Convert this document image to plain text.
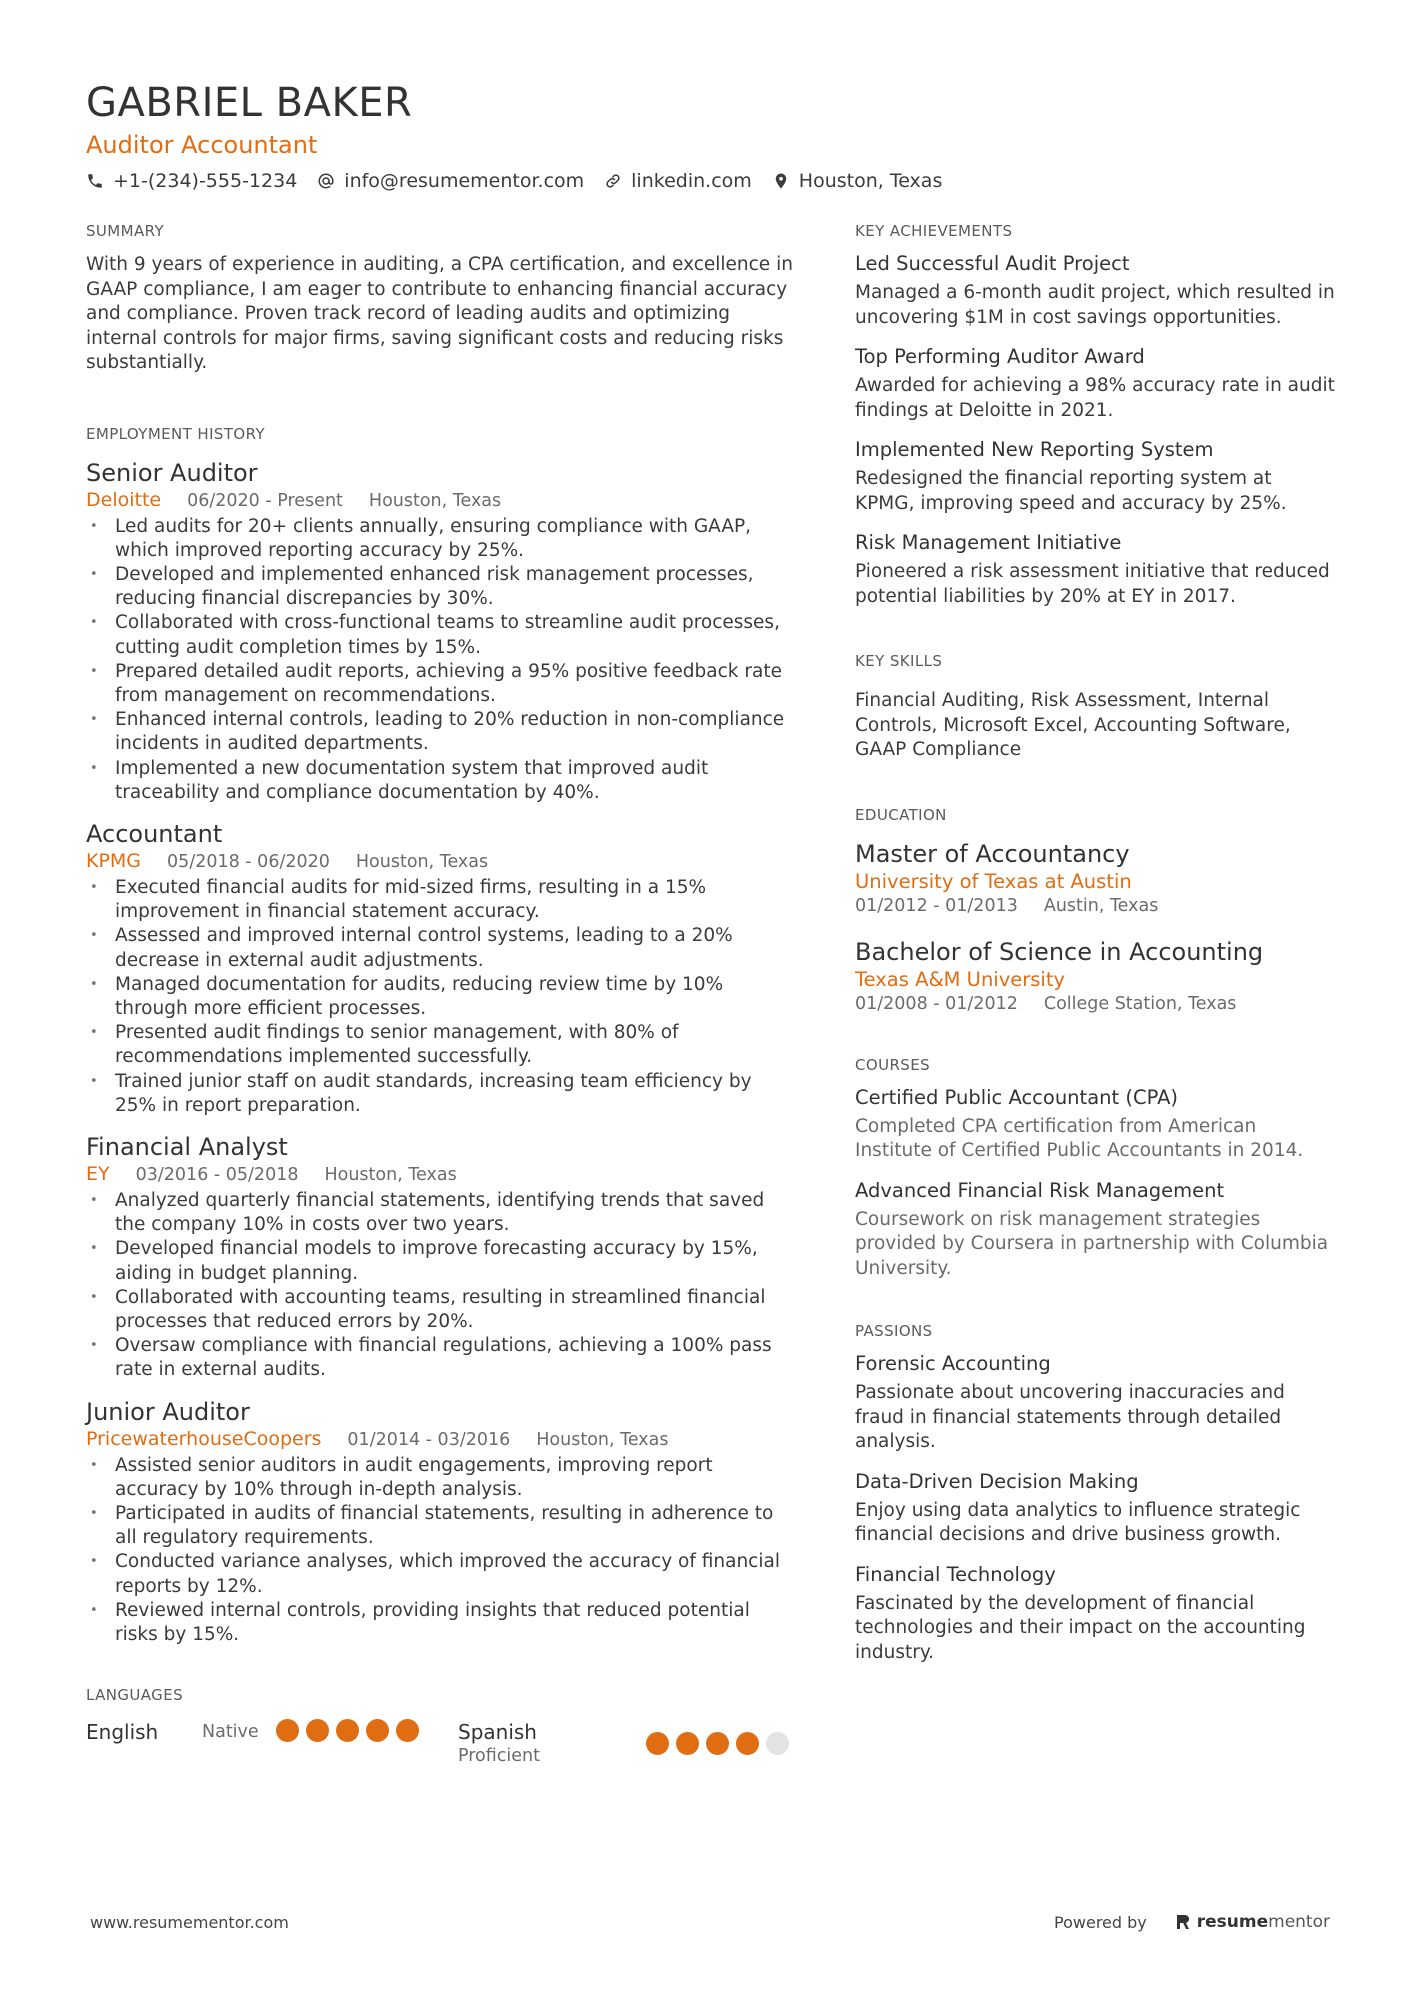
GABRIEL BAKER
Auditor Accountant
+1-(234)-555-1234 info@resumementor.com linkedin.com Houston, Texas
SUMMARY
With 9 years of experience in auditing, a CPA certification, and excellence in GAAP compliance, I am eager to contribute to enhancing financial accuracy and compliance. Proven track record of leading audits and optimizing internal controls for major firms, saving significant costs and reducing risks substantially.
EMPLOYMENT HISTORY
Senior Auditor
Deloitte 06/2020 - Present Houston, Texas
• Led audits for 20+ clients annually, ensuring compliance with GAAP, which improved reporting accuracy by 25%.
• Developed and implemented enhanced risk management processes, reducing financial discrepancies by 30%.
• Collaborated with cross-functional teams to streamline audit processes, cutting audit completion times by 15%.
• Prepared detailed audit reports, achieving a 95% positive feedback rate from management on recommendations.
• Enhanced internal controls, leading to 20% reduction in non-compliance incidents in audited departments.
• Implemented a new documentation system that improved audit traceability and compliance documentation by 40%.
Accountant
KPMG 05/2018 - 06/2020 Houston, Texas
• Executed financial audits for mid-sized firms, resulting in a 15% improvement in financial statement accuracy.
• Assessed and improved internal control systems, leading to a 20% decrease in external audit adjustments.
• Managed documentation for audits, reducing review time by 10% through more efficient processes.
• Presented audit findings to senior management, with 80% of recommendations implemented successfully.
• Trained junior staff on audit standards, increasing team efficiency by 25% in report preparation.
Financial Analyst
EY 03/2016 - 05/2018 Houston, Texas
• Analyzed quarterly financial statements, identifying trends that saved the company 10% in costs over two years.
• Developed financial models to improve forecasting accuracy by 15%, aiding in budget planning.
• Collaborated with accounting teams, resulting in streamlined financial processes that reduced errors by 20%.
• Oversaw compliance with financial regulations, achieving a 100% pass rate in external audits.
Junior Auditor
PricewaterhouseCoopers 01/2014 - 03/2016 Houston, Texas
• Assisted senior auditors in audit engagements, improving report accuracy by 10% through in-depth analysis.
• Participated in audits of financial statements, resulting in adherence to all regulatory requirements.
• Conducted variance analyses, which improved the accuracy of financial reports by 12%.
• Reviewed internal controls, providing insights that reduced potential risks by 15%.
LANGUAGES
English	Native	Spanish
Proficient
KEY ACHIEVEMENTS
Led Successful Audit Project
Managed a 6-month audit project, which resulted in uncovering $1M in cost savings opportunities.
Top Performing Auditor Award
Awarded for achieving a 98% accuracy rate in audit findings at Deloitte in 2021.
Implemented New Reporting System
Redesigned the financial reporting system at KPMG, improving speed and accuracy by 25%.
Risk Management Initiative
Pioneered a risk assessment initiative that reduced potential liabilities by 20% at EY in 2017.
KEY SKILLS
Financial Auditing, Risk Assessment, Internal Controls, Microsoft Excel, Accounting Software, GAAP Compliance
EDUCATION
Master of Accountancy
University of Texas at Austin
01/2012 - 01/2013 Austin, Texas
Bachelor of Science in Accounting
Texas A&M University
01/2008 - 01/2012 College Station, Texas
COURSES
Certified Public Accountant (CPA)
Completed CPA certification from American Institute of Certified Public Accountants in 2014.
Advanced Financial Risk Management
Coursework on risk management strategies provided by Coursera in partnership with Columbia University.
PASSIONS
Forensic Accounting
Passionate about uncovering inaccuracies and fraud in financial statements through detailed analysis.
Data-Driven Decision Making
Enjoy using data analytics to influence strategic financial decisions and drive business growth.
Financial Technology
Fascinated by the development of financial technologies and their impact on the accounting industry.
www.resumementor.com	Powered by	resume mentor
